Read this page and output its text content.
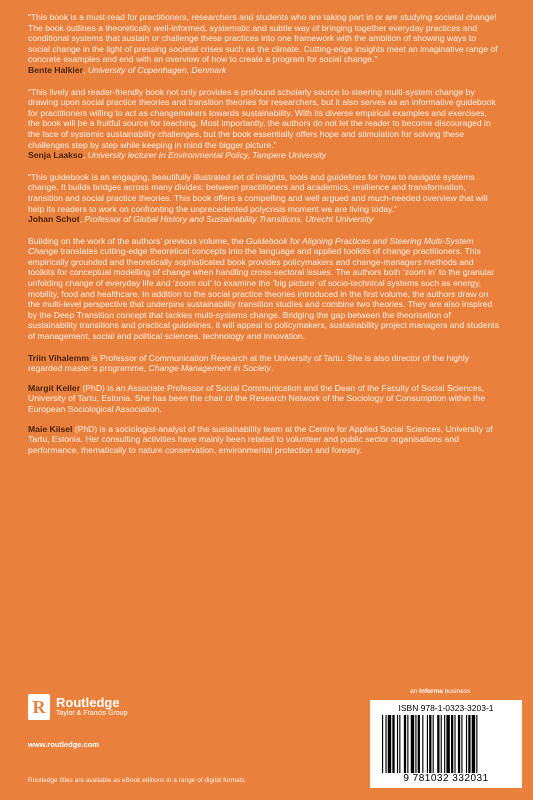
“This book is a must-read for practitioners, researchers and students who are taking part in or are studying societal change! The book outlines a theoretically well-informed, systematic and subtle way of bringing together everyday practices and conditional systems that sustain or challenge these practices into one framework with the ambition of showing ways to social change in the light of pressing societal crises such as the climate. Cutting-edge insights meet an imaginative range of concrete examples and end with an overview of how to create a program for social change.”

Bente Halkier, University of Copenhagen, Denmark

“This lively and reader-friendly book not only provides a profound scholarly source to steering multi-system change by drawing upon social practice theories and transition theories for researchers, but it also serves as an informative guidebook for practitioners willing to act as changemakers towards sustainability. With its diverse empirical examples and exercises, the book will be a fruitful source for teaching. Most importantly, the authors do not let the reader to become discouraged in the face of systemic sustainability challenges, but the book essentially offers hope and stimulation for solving these challenges step by step while keeping in mind the bigger picture.”

Senja Laakso, University lecturer in Environmental Policy, Tampere University

“This guidebook is an engaging, beautifully illustrated set of insights, tools and guidelines for how to navigate systems change. It builds bridges across many divides: between practitioners and academics, resilience and transformation, transition and social practice theories. This book offers a compelling and well argued and much-needed overview that will help its readers to work on confronting the unprecedented polycrisis moment we are living today.”

Johan Schot, Professor of Global History and Sustainability Transitions, Utrecht University

Building on the work of the authors’ previous volume, the Guidebook for Aligning Practices and Steering Multi-System Change translates cutting-edge theoretical concepts into the language and applied toolkits of change practitioners. This empirically grounded and theoretically sophisticated book provides policymakers and change-managers methods and toolkits for conceptual modelling of change when handling cross-sectoral issues. The authors both ‘zoom in’ to the granular unfolding change of everyday life and ‘zoom out’ to examine the ‘big picture’ of socio-technical systems such as energy, mobility, food and healthcare. In addition to the social practice theories introduced in the first volume, the authors draw on the multi-level perspective that underpins sustainability transition studies and combine two theories. They are also inspired by the Deep Transition concept that tackles multi-systems change. Bridging the gap between the theorisation of sustainability transitions and practical guidelines, it will appeal to policymakers, sustainability project managers and students of management, social and political sciences, technology and innovation.

Triin Vihalemm is Professor of Communication Research at the University of Tartu. She is also director of the highly regarded master’s programme, Change Management in Society.

Margit Keller (PhD) is an Associate Professor of Social Communication and the Dean of the Faculty of Social Sciences, University of Tartu, Estonia. She has been the chair of the Research Network of the Sociology of Consumption within the European Sociological Association.

Maie Kiisel (PhD) is a sociologist-analyst of the sustainability team at the Centre for Applied Social Sciences, University of Tartu, Estonia. Her consulting activities have mainly been related to volunteer and public sector organisations and performance, thematically to nature conservation, environmental protection and forestry.

R Routledge
Taylor & Francis Group
www.routledge.com
Routledge titles are available as eBook editions in a range of digital formats
an informa business
ISBN 978-1-0323-3203-1
9 781032 332031
